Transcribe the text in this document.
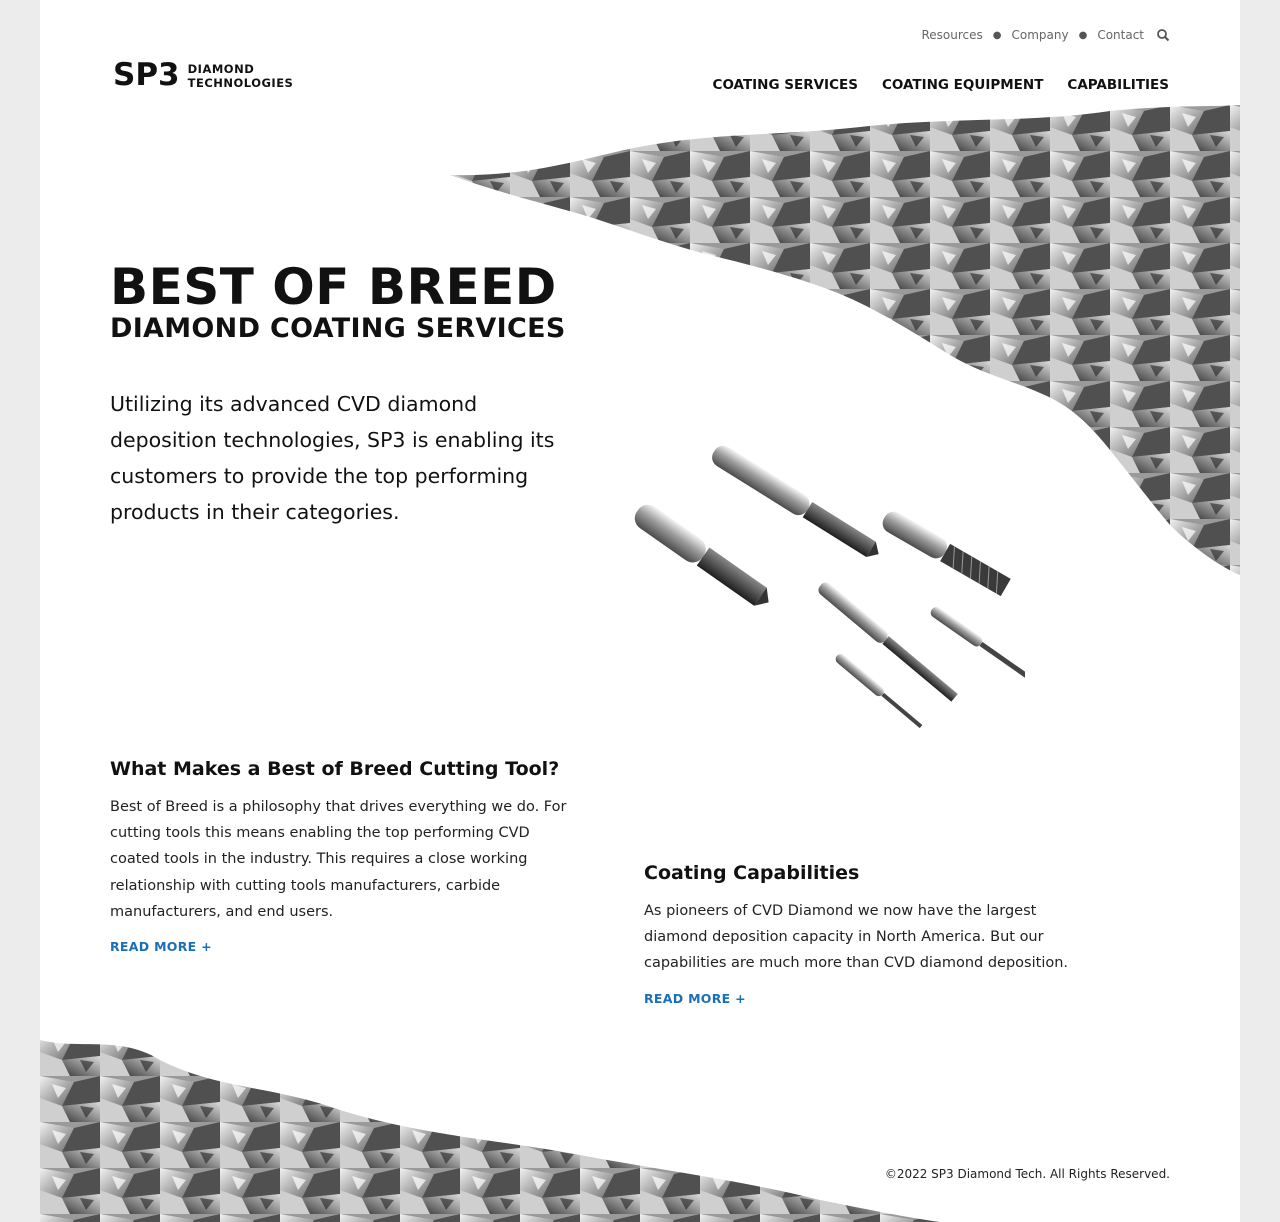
Resources ● Company ● Contact
SP3 DIAMOND
TECHNOLOGIES	COATING SERVICES COATING EQUIPMENT CAPABILITIES
BEST OF BREED
DIAMOND COATING SERVICES

Utilizing its advanced CVD diamond deposition technologies, SP3 is enabling its customers to provide the top performing products in their categories.

What Makes a Best of Breed Cutting Tool?

Best of Breed is a philosophy that drives everything we do. For cutting tools this means enabling the top performing CVD coated tools in the industry. This requires a close working relationship with cutting tools manufacturers, carbide manufacturers, and end users.

READ MORE +
Coating Capabilities

As pioneers of CVD Diamond we now have the largest diamond deposition capacity in North America. But our capabilities are much more than CVD diamond deposition.

READ MORE +
©2022 SP3 Diamond Tech. All Rights Reserved.
